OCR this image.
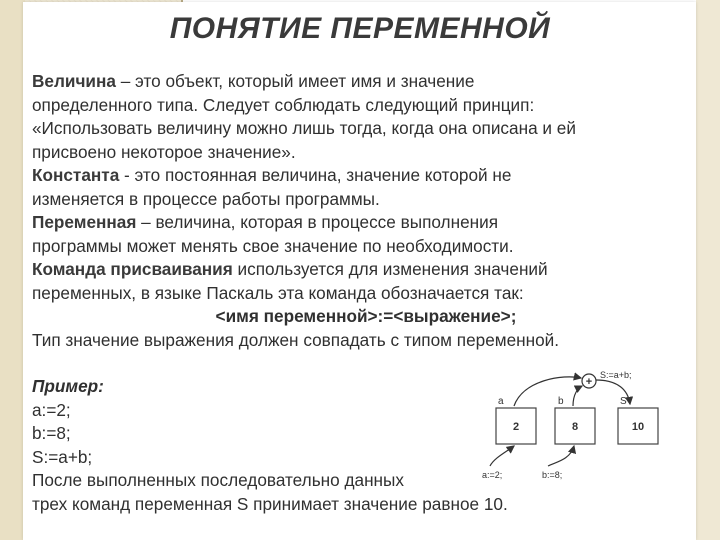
ПОНЯТИЕ ПЕРЕМЕННОЙ
Величина – это объект, который имеет имя и значение
определенного типа. Следует соблюдать следующий принцип:
«Использовать величину можно лишь тогда, когда она описана и ей
присвоено некоторое значение».
Константа - это постоянная величина, значение которой не
изменяется в процессе работы программы.
Переменная – величина, которая в процессе выполнения
программы может менять свое значение по необходимости.
Команда присваивания используется для изменения значений
переменных, в языке Паскаль эта команда обозначается так:
<имя переменной>:=<выражение>;
Тип значение выражения должен совпадать с типом переменной.
Пример:
a:=2;
b:=8;
S:=a+b;
После выполненных последовательно данных
трех команд переменная S принимает значение равное 10.
+
S:=a+b;
a	b	S
2	8	10
a:=2;	b:=8;
